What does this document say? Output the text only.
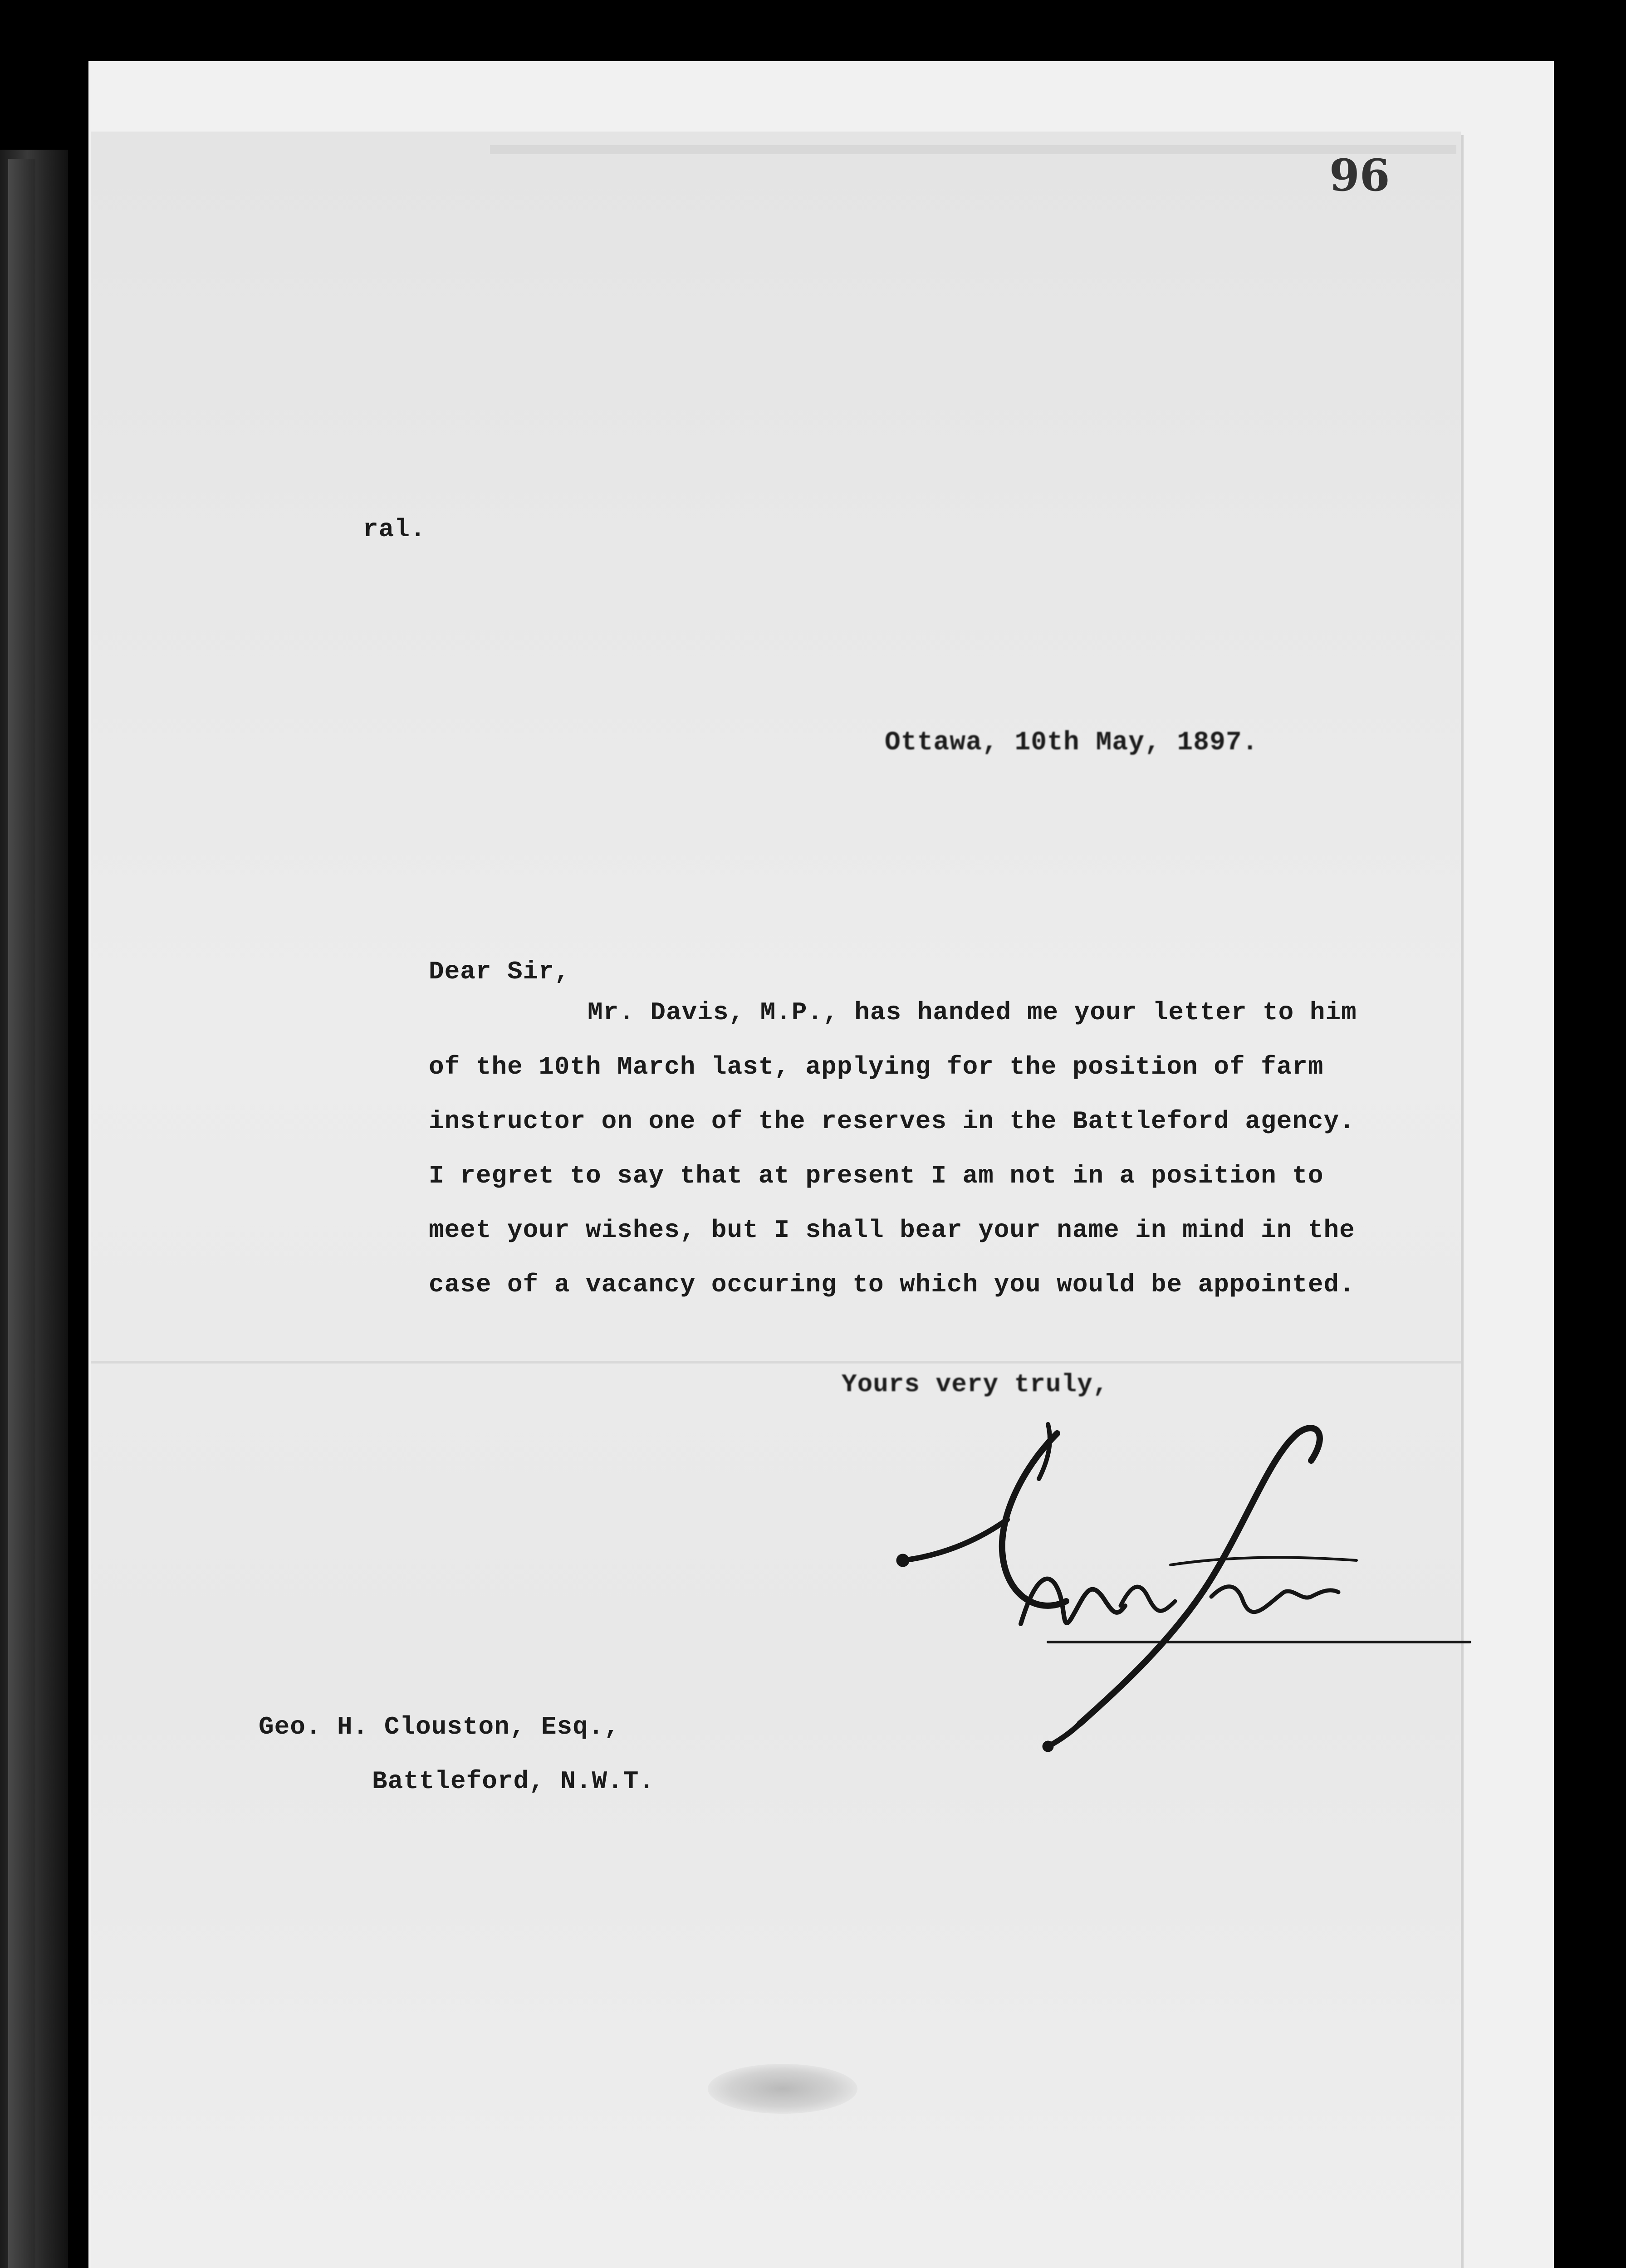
96
ral.
Ottawa, 10th May, 1897.
Dear Sir,
Mr. Davis, M.P., has handed me your letter to him
of the 10th March last, applying for the position of farm
instructor on one of the reserves in the Battleford agency.
I regret to say that at present I am not in a position to
meet your wishes, but I shall bear your name in mind in the
case of a vacancy occuring to which you would be appointed.
Yours very truly,
Geo. H. Clouston, Esq.,
Battleford, N.W.T.
